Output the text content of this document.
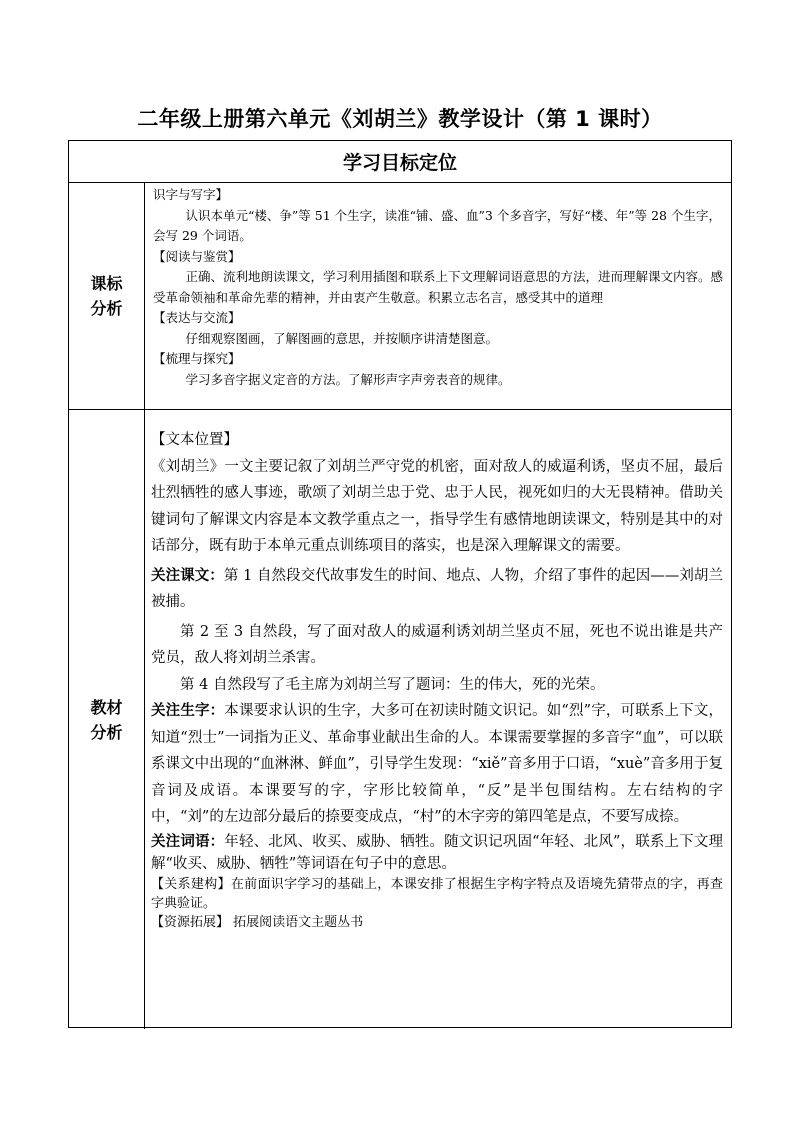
二年级上册第六单元《刘胡兰》教学设计（第 1 课时）
学习目标定位
课标
分析

识字与写字】

认识本单元“楼、争”等 51 个生字，读准“铺、盛、血”3 个多音字，写好“楼、年”等 28 个生字，会写 29 个词语。

【阅读与鉴赏】

正确、流利地朗读课文，学习利用插图和联系上下文理解词语意思的方法，进而理解课文内容。感受革命领袖和革命先辈的精神，并由衷产生敬意。积累立志名言，感受其中的道理

【表达与交流】

仔细观察图画，了解图画的意思，并按顺序讲清楚图意。

【梳理与探究】

学习多音字据义定音的方法。了解形声字声旁表音的规律。

教材
分析

【文本位置】

《刘胡兰》一文主要记叙了刘胡兰严守党的机密，面对敌人的威逼利诱，坚贞不屈，最后壮烈牺牲的感人事迹，歌颂了刘胡兰忠于党、忠于人民，视死如归的大无畏精神。借助关键词句了解课文内容是本文教学重点之一，指导学生有感情地朗读课文，特别是其中的对话部分，既有助于本单元重点训练项目的落实，也是深入理解课文的需要。

关注课文：第 1 自然段交代故事发生的时间、地点、人物，介绍了事件的起因——刘胡兰被捕。

第 2 至 3 自然段，写了面对敌人的威逼利诱刘胡兰坚贞不屈，死也不说出谁是共产党员，敌人将刘胡兰杀害。

第 4 自然段写了毛主席为刘胡兰写了题词：生的伟大，死的光荣。

关注生字：本课要求认识的生字，大多可在初读时随文识记。如“烈”字，可联系上下文，知道“烈士”一词指为正义、革命事业献出生命的人。本课需要掌握的多音字“血”，可以联系课文中出现的“血淋淋、鲜血”，引导学生发现：“xiě”音多用于口语，“xuè”音多用于复音词及成语。本课要写的字，字形比较简单，“反”是半包围结构。左右结构的字中，“刘”的左边部分最后的捺要变成点，“村”的木字旁的第四笔是点，不要写成捺。

关注词语：年轻、北风、收买、威胁、牺牲。随文识记巩固“年轻、北风”，联系上下文理解“收买、威胁、牺牲”等词语在句子中的意思。

【关系建构】在前面识字学习的基础上，本课安排了根据生字构字特点及语境先猜带点的字，再查字典验证。

【资源拓展】 拓展阅读语文主题丛书
